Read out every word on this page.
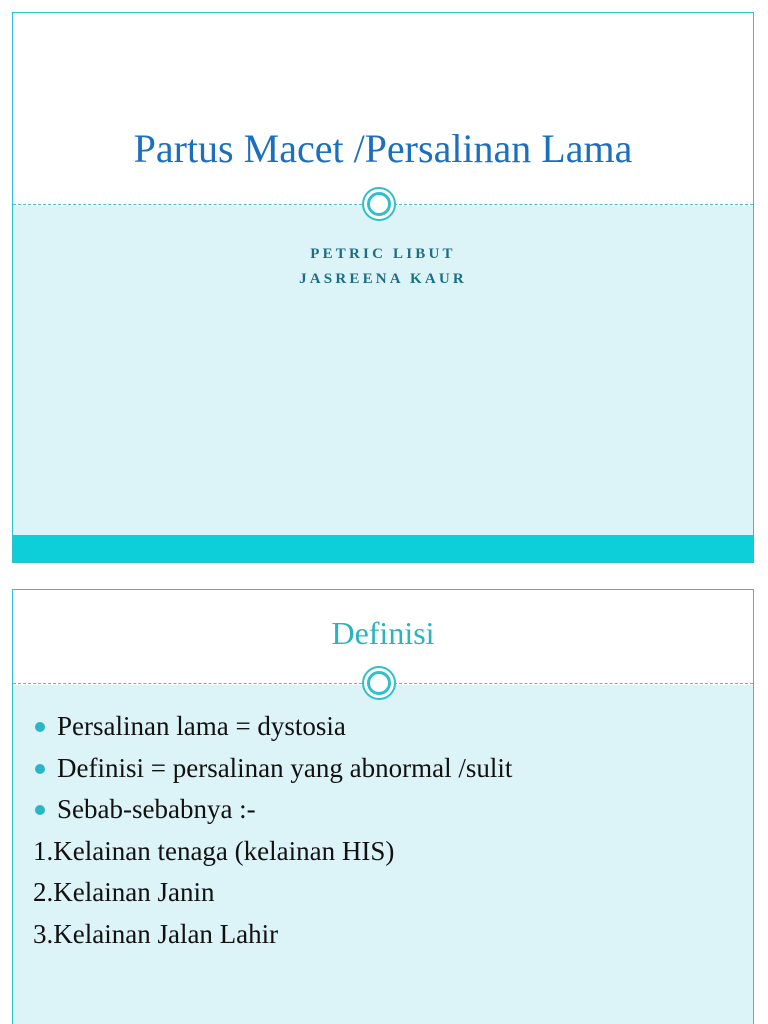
Partus Macet /Persalinan Lama
PETRIC LIBUT
JASREENA KAUR
Definisi
Persalinan lama = dystosia
Definisi = persalinan yang abnormal /sulit
Sebab-sebabnya :-
1.Kelainan tenaga (kelainan HIS)
2.Kelainan Janin
3.Kelainan Jalan Lahir
